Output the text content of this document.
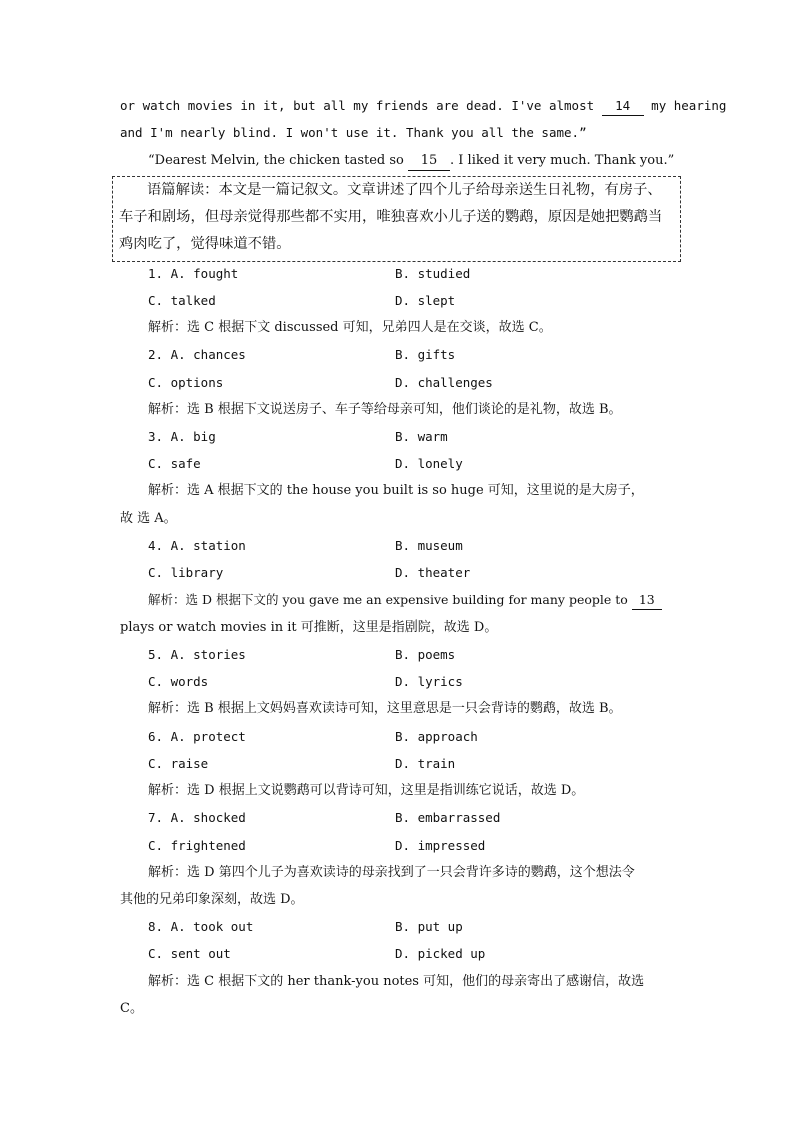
or watch movies in it, but all my friends are dead. I've almost 14 my hearing
and I'm nearly blind. I won't use it. Thank you all the same.”
“Dearest Melvin, the chicken tasted so 15 . I liked it very much. Thank you.”
语篇解读：本文是一篇记叙文。文章讲述了四个儿子给母亲送生日礼物，有房子、车子和剧场，但母亲觉得那些都不实用，唯独喜欢小儿子送的鹦鹉，原因是她把鹦鹉当鸡肉吃了，觉得味道不错。
1. A. fought	B. studied
C. talked	D. slept
解析：选 C 根据下文 discussed 可知，兄弟四人是在交谈，故选 C。
2. A. chances	B. gifts
C. options	D. challenges
解析：选 B 根据下文说送房子、车子等给母亲可知，他们谈论的是礼物，故选 B。
3. A. big	B. warm
C. safe	D. lonely
解析：选 A 根据下文的 the house you built is so huge 可知，这里说的是大房子，
故 选 A。
4. A. station	B. museum
C. library	D. theater
解析：选 D 根据下文的 you gave me an expensive building for many people to 13
plays or watch movies in it 可推断，这里是指剧院，故选 D。
5. A. stories	B. poems
C. words	D. lyrics
解析：选 B 根据上文妈妈喜欢读诗可知，这里意思是一只会背诗的鹦鹉，故选 B。
6. A. protect	B. approach
C. raise	D. train
解析：选 D 根据上文说鹦鹉可以背诗可知，这里是指训练它说话，故选 D。
7. A. shocked	B. embarrassed
C. frightened	D. impressed
解析：选 D 第四个儿子为喜欢读诗的母亲找到了一只会背许多诗的鹦鹉，这个想法令
其他的兄弟印象深刻，故选 D。
8. A. took out	B. put up
C. sent out	D. picked up
解析：选 C 根据下文的 her thank-you notes 可知，他们的母亲寄出了感谢信，故选
C。
